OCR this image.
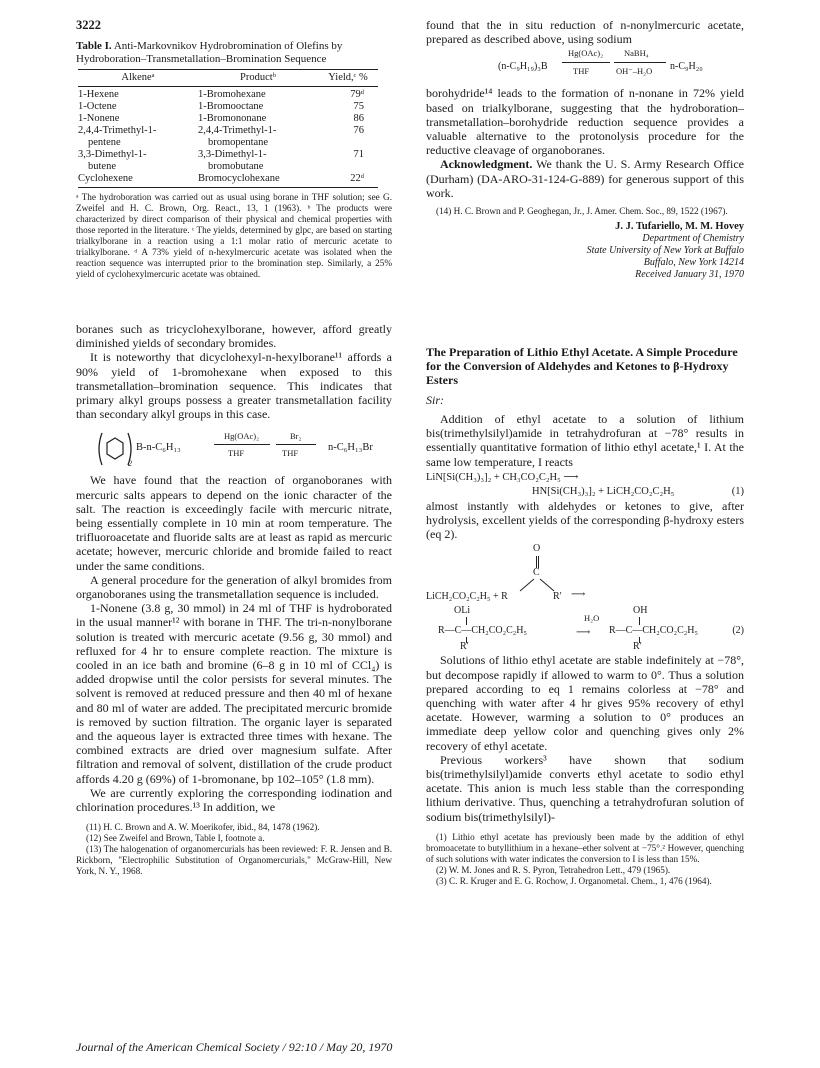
3222

Table I. Anti-Markovnikov Hydrobromination of Olefins by Hydroboration–Transmetallation–Bromination Sequence

Alkeneᵃ	Productᵇ	Yield,ᶜ %
1-Hexene	1-Bromohexane	79ᵈ
1-Octene	1-Bromooctane	75
1-Nonene	1-Bromononane	86
2,4,4-Trimethyl-1-	2,4,4-Trimethyl-1-	76
pentene	bromopentane	
3,3-Dimethyl-1-	3,3-Dimethyl-1-	71
butene	bromobutane	
Cyclohexene	Bromocyclohexane	22ᵈ
ᵃ The hydroboration was carried out as usual using borane in THF solution; see G. Zweifel and H. C. Brown, Org. React., 13, 1 (1963). ᵇ The products were characterized by direct comparison of their physical and chemical properties with those reported in the literature. ᶜ The yields, determined by glpc, are based on starting trialkylborane in a reaction using a 1:1 molar ratio of mercuric acetate to trialkylborane. ᵈ A 73% yield of n-hexylmercuric acetate was isolated when the reaction sequence was interrupted prior to the bromination step. Similarly, a 25% yield of cyclohexylmercuric acetate was obtained.

boranes such as tricyclohexylborane, however, afford greatly diminished yields of secondary bromides.

It is noteworthy that dicyclohexyl-n-hexylborane¹¹ affords a 90% yield of 1-bromohexane when exposed to this transmetallation–bromination sequence. This indicates that primary alkyl groups possess a greater transmetallation facility than secondary alkyl groups in this case.

2
B-n-C₆H₁₃
Hg(OAc)₂
THF
Br₂
THF	n-C₆H₁₃Br

We have found that the reaction of organoboranes with mercuric salts appears to depend on the ionic character of the salt. The reaction is exceedingly facile with mercuric nitrate, being essentially complete in 10 min at room temperature. The trifluoroacetate and fluoride salts are at least as rapid as mercuric acetate; however, mercuric chloride and bromide failed to react under the same conditions.

A general procedure for the generation of alkyl bromides from organoboranes using the transmetallation sequence is included.

1-Nonene (3.8 g, 30 mmol) in 24 ml of THF is hydroborated in the usual manner¹² with borane in THF. The tri-n-nonylborane solution is treated with mercuric acetate (9.56 g, 30 mmol) and refluxed for 4 hr to ensure complete reaction. The mixture is cooled in an ice bath and bromine (6–8 g in 10 ml of CCl₄) is added dropwise until the color persists for several minutes. The solvent is removed at reduced pressure and then 40 ml of hexane and 80 ml of water are added. The precipitated mercuric bromide is removed by suction filtration. The organic layer is separated and the aqueous layer is extracted three times with hexane. The combined extracts are dried over magnesium sulfate. After filtration and removal of solvent, distillation of the crude product affords 4.20 g (69%) of 1-bromonane, bp 102–105° (1.8 mm).

We are currently exploring the corresponding iodination and chlorination procedures.¹³ In addition, we

(11) H. C. Brown and A. W. Moerikofer, ibid., 84, 1478 (1962).

(12) See Zweifel and Brown, Table I, footnote a.

(13) The halogenation of organomercurials has been reviewed: F. R. Jensen and B. Rickborn, "Electrophilic Substitution of Organomercurials," McGraw-Hill, New York, N. Y., 1968.

found that the in situ reduction of n-nonylmercuric acetate, prepared as described above, using sodium

(n-C₉H₁₉)₃B
Hg(OAc)₂
THF
NaBH₄
OH⁻–H₂O n-C₉H₂₀

borohydride¹⁴ leads to the formation of n-nonane in 72% yield based on trialkylborane, suggesting that the hydroboration–transmetallation–borohydride reduction sequence provides a valuable alternative to the protonolysis procedure for the reductive cleavage of organoboranes.

Acknowledgment. We thank the U. S. Army Research Office (Durham) (DA-ARO-31-124-G-889) for generous support of this work.

(14) H. C. Brown and P. Geoghegan, Jr., J. Amer. Chem. Soc., 89, 1522 (1967).

J. J. Tufariello, M. M. Hovey
Department of Chemistry
State University of New York at Buffalo
Buffalo, New York 14214
Received January 31, 1970

The Preparation of Lithio Ethyl Acetate. A Simple Procedure for the Conversion of Aldehydes and Ketones to β-Hydroxy Esters

Sir:

Addition of ethyl acetate to a solution of lithium bis(trimethylsilyl)amide in tetrahydrofuran at −78° results in essentially quantitative formation of lithio ethyl acetate,¹ I. At the same low temperature, I reacts

LiN[Si(CH₃)₃]₂ + CH₃CO₂C₂H₅ ⟶
HN[Si(CH₃)₃]₂ + LiCH₂CO₂C₂H₅	(1)

almost instantly with aldehydes or ketones to give, after hydrolysis, excellent yields of the corresponding β-hydroxy esters (eq 2).

O
C
LiCH₂CO₂C₂H₅ + R	R′ ⟶
OLi
R—C—CH₂CO₂C₂H₅
R′
H₂O
⟶
OH
R—C—CH₂CO₂C₂H₅
R′
(2)

Solutions of lithio ethyl acetate are stable indefinitely at −78°, but decompose rapidly if allowed to warm to 0°. Thus a solution prepared according to eq 1 remains colorless at −78° and quenching with water after 4 hr gives 95% recovery of ethyl acetate. However, warming a solution to 0° produces an immediate deep yellow color and quenching gives only 2% recovery of ethyl acetate.

Previous workers³ have shown that sodium bis(trimethylsilyl)amide converts ethyl acetate to sodio ethyl acetate. This anion is much less stable than the corresponding lithium derivative. Thus, quenching a tetrahydrofuran solution of sodium bis(trimethylsilyl)-

(1) Lithio ethyl acetate has previously been made by the addition of ethyl bromoacetate to butyllithium in a hexane–ether solvent at −75°.² However, quenching of such solutions with water indicates the conversion to I is less than 15%.

(2) W. M. Jones and R. S. Pyron, Tetrahedron Lett., 479 (1965).

(3) C. R. Kruger and E. G. Rochow, J. Organometal. Chem., 1, 476 (1964).

Journal of the American Chemical Society / 92:10 / May 20, 1970
